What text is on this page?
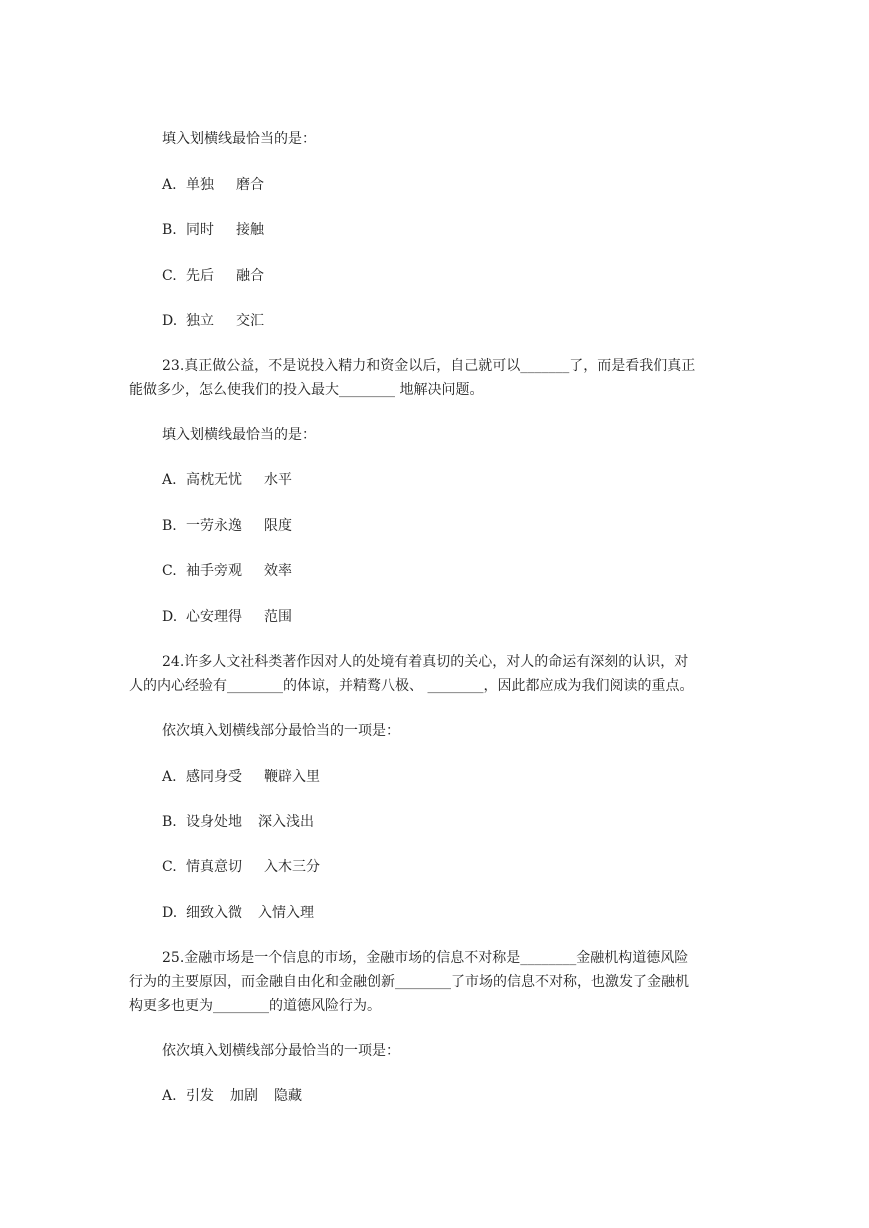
填入划横线最恰当的是：
A. 单独 磨合
B. 同时 接触
C. 先后 融合
D. 独立 交汇
23.真正做公益，不是说投入精力和资金以后，自己就可以_______了，而是看我们真正
能做多少，怎么使我们的投入最大________ 地解决问题。
填入划横线最恰当的是：
A. 高枕无忧 水平
B. 一劳永逸 限度
C. 袖手旁观 效率
D. 心安理得 范围
24.许多人文社科类著作因对人的处境有着真切的关心，对人的命运有深刻的认识，对
人的内心经验有________的体谅，并精鹜八极、 ________，因此都应成为我们阅读的重点。
依次填入划横线部分最恰当的一项是：
A. 感同身受 鞭辟入里
B. 设身处地 深入浅出
C. 情真意切 入木三分
D. 细致入微 入情入理
25.金融市场是一个信息的市场，金融市场的信息不对称是________金融机构道德风险
行为的主要原因，而金融自由化和金融创新________了市场的信息不对称，也激发了金融机
构更多也更为________的道德风险行为。
依次填入划横线部分最恰当的一项是：
A. 引发 加剧 隐藏
